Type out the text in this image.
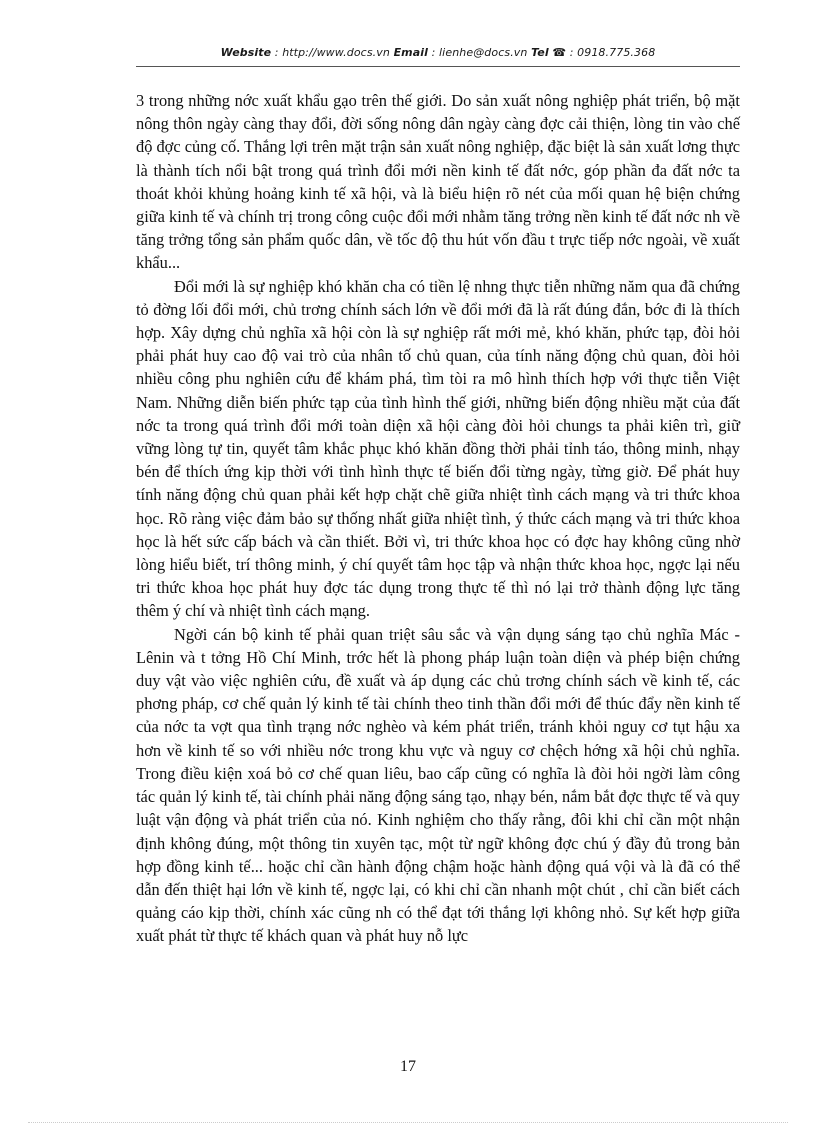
Website : http://www.docs.vn Email : lienhe@docs.vn Tel ☎ : 0918.775.368

3 trong những nớc xuất khẩu gạo trên thế giới. Do sản xuất nông nghiệp phát triển, bộ mặt nông thôn ngày càng thay đổi, đời sống nông dân ngày càng đợc cải thiện, lòng tin vào chế độ đợc củng cố. Thắng lợi trên mặt trận sản xuất nông nghiệp, đặc biệt là sản xuất lơng thực là thành tích nổi bật trong quá trình đổi mới nền kinh tế đất nớc, góp phần đa đất nớc ta thoát khỏi khủng hoảng kinh tế xã hội, và là biểu hiện rõ nét của mối quan hệ biện chứng giữa kinh tế và chính trị trong công cuộc đổi mới nhằm tăng trởng nền kinh tế đất nớc nh về tăng trởng tổng sản phẩm quốc dân, về tốc độ thu hút vốn đầu t trực tiếp nớc ngoài, về xuất khẩu...

Đổi mới là sự nghiệp khó khăn cha có tiền lệ nhng thực tiễn những năm qua đã chứng tỏ đờng lối đổi mới, chủ trơng chính sách lớn về đổi mới đã là rất đúng đắn, bớc đi là thích hợp. Xây dựng chủ nghĩa xã hội còn là sự nghiệp rất mới mẻ, khó khăn, phức tạp, đòi hỏi phải phát huy cao độ vai trò của nhân tố chủ quan, của tính năng động chủ quan, đòi hỏi nhiều công phu nghiên cứu để khám phá, tìm tòi ra mô hình thích hợp với thực tiễn Việt Nam. Những diễn biến phức tạp của tình hình thế giới, những biến động nhiều mặt của đất nớc ta trong quá trình đổi mới toàn diện xã hội càng đòi hỏi chungs ta phải kiên trì, giữ vững lòng tự tin, quyết tâm khắc phục khó khăn đồng thời phải tỉnh táo, thông minh, nhạy bén để thích ứng kịp thời với tình hình thực tế biến đổi từng ngày, từng giờ. Để phát huy tính năng động chủ quan phải kết hợp chặt chẽ giữa nhiệt tình cách mạng và tri thức khoa học. Rõ ràng việc đảm bảo sự thống nhất giữa nhiệt tình, ý thức cách mạng và tri thức khoa học là hết sức cấp bách và cần thiết. Bởi vì, tri thức khoa học có đợc hay không cũng nhờ lòng hiểu biết, trí thông minh, ý chí quyết tâm học tập và nhận thức khoa học, ngợc lại nếu tri thức khoa học phát huy đợc tác dụng trong thực tế thì nó lại trở thành động lực tăng thêm ý chí và nhiệt tình cách mạng.

Ngời cán bộ kinh tế phải quan triệt sâu sắc và vận dụng sáng tạo chủ nghĩa Mác - Lênin và t tởng Hồ Chí Minh, trớc hết là phong pháp luận toàn diện và phép biện chứng duy vật vào việc nghiên cứu, đề xuất và áp dụng các chủ trơng chính sách về kinh tế, các phơng pháp, cơ chế quản lý kinh tế tài chính theo tinh thần đổi mới để thúc đẩy nền kinh tế của nớc ta vợt qua tình trạng nớc nghèo và kém phát triển, tránh khỏi nguy cơ tụt hậu xa hơn về kinh tế so với nhiều nớc trong khu vực và nguy cơ chệch hớng xã hội chủ nghĩa. Trong điều kiện xoá bỏ cơ chế quan liêu, bao cấp cũng có nghĩa là đòi hỏi ngời làm công tác quản lý kinh tế, tài chính phải năng động sáng tạo, nhạy bén, nắm bắt đợc thực tế và quy luật vận động và phát triển của nó. Kinh nghiệm cho thấy rằng, đôi khi chỉ cần một nhận định không đúng, một thông tin xuyên tạc, một từ ngữ không đợc chú ý đầy đủ trong bản hợp đồng kinh tế... hoặc chỉ cần hành động chậm hoặc hành động quá vội và là đã có thể dẫn đến thiệt hại lớn về kinh tế, ngợc lại, có khi chỉ cần nhanh một chút , chỉ cần biết cách quảng cáo kịp thời, chính xác cũng nh có thể đạt tới thắng lợi không nhỏ. Sự kết hợp giữa xuất phát từ thực tế khách quan và phát huy nỗ lực

17
